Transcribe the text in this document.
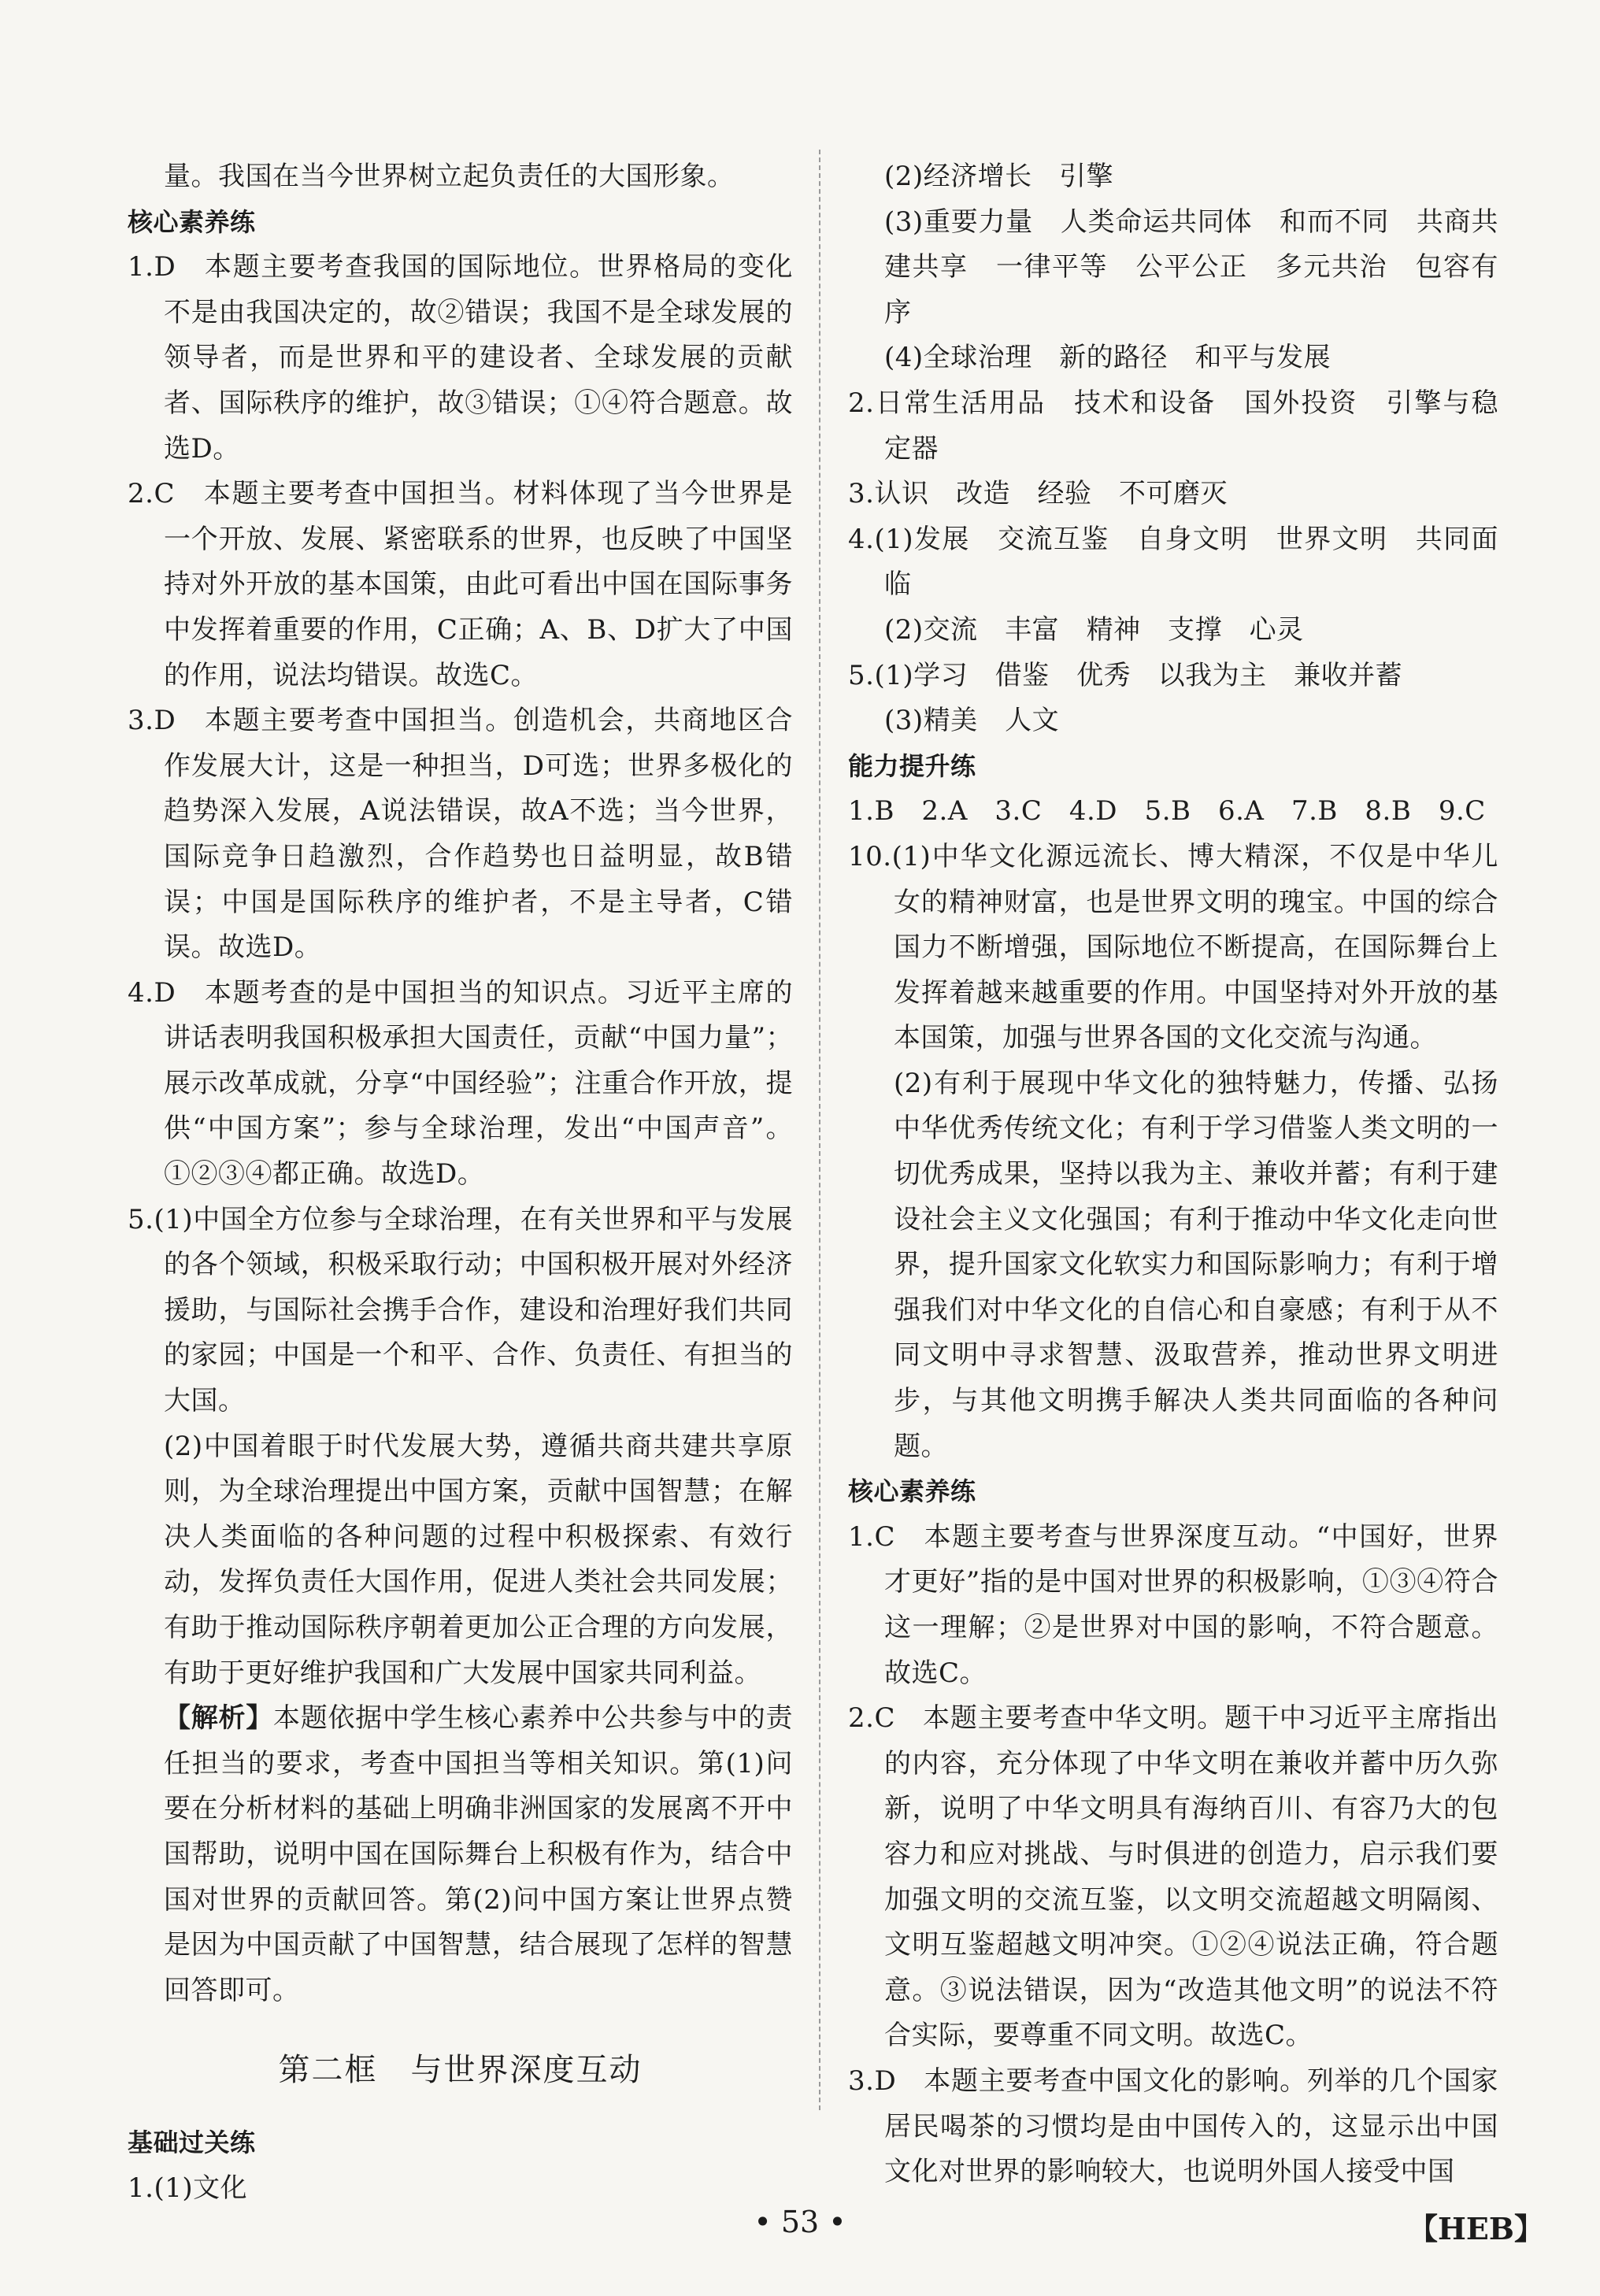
量。我国在当今世界树立起负责任的大国形象。

核心素养练

1.D　本题主要考查我国的国际地位。世界格局的变化不是由我国决定的，故②错误；我国不是全球发展的领导者，而是世界和平的建设者、全球发展的贡献者、国际秩序的维护，故③错误；①④符合题意。故选D。

2.C　本题主要考查中国担当。材料体现了当今世界是一个开放、发展、紧密联系的世界，也反映了中国坚持对外开放的基本国策，由此可看出中国在国际事务中发挥着重要的作用，C正确；A、B、D扩大了中国的作用，说法均错误。故选C。

3.D　本题主要考查中国担当。创造机会，共商地区合作发展大计，这是一种担当，D可选；世界多极化的趋势深入发展，A说法错误，故A不选；当今世界，国际竞争日趋激烈，合作趋势也日益明显，故B错误；中国是国际秩序的维护者，不是主导者，C错误。故选D。

4.D　本题考查的是中国担当的知识点。习近平主席的讲话表明我国积极承担大国责任，贡献“中国力量”；展示改革成就，分享“中国经验”；注重合作开放，提供“中国方案”；参与全球治理，发出“中国声音”。①②③④都正确。故选D。

5.(1)中国全方位参与全球治理，在有关世界和平与发展的各个领域，积极采取行动；中国积极开展对外经济援助，与国际社会携手合作，建设和治理好我们共同的家园；中国是一个和平、合作、负责任、有担当的大国。

(2)中国着眼于时代发展大势，遵循共商共建共享原则，为全球治理提出中国方案，贡献中国智慧；在解决人类面临的各种问题的过程中积极探索、有效行动，发挥负责任大国作用，促进人类社会共同发展；有助于推动国际秩序朝着更加公正合理的方向发展，有助于更好维护我国和广大发展中国家共同利益。

【解析】本题依据中学生核心素养中公共参与中的责任担当的要求，考查中国担当等相关知识。第(1)问要在分析材料的基础上明确非洲国家的发展离不开中国帮助，说明中国在国际舞台上积极有作为，结合中国对世界的贡献回答。第(2)问中国方案让世界点赞是因为中国贡献了中国智慧，结合展现了怎样的智慧回答即可。

第二框　与世界深度互动

基础过关练

1.(1)文化

(2)经济增长　引擎

(3)重要力量　人类命运共同体　和而不同　共商共建共享　一律平等　公平公正　多元共治　包容有序

(4)全球治理　新的路径　和平与发展

2.日常生活用品　技术和设备　国外投资　引擎与稳定器

3.认识　改造　经验　不可磨灭

4.(1)发展　交流互鉴　自身文明　世界文明　共同面临

(2)交流　丰富　精神　支撑　心灵

5.(1)学习　借鉴　优秀　以我为主　兼收并蓄

(3)精美　人文

能力提升练

1.B　2.A　3.C　4.D　5.B　6.A　7.B　8.B　9.C

10.(1)中华文化源远流长、博大精深，不仅是中华儿女的精神财富，也是世界文明的瑰宝。中国的综合国力不断增强，国际地位不断提高，在国际舞台上发挥着越来越重要的作用。中国坚持对外开放的基本国策，加强与世界各国的文化交流与沟通。

(2)有利于展现中华文化的独特魅力，传播、弘扬中华优秀传统文化；有利于学习借鉴人类文明的一切优秀成果，坚持以我为主、兼收并蓄；有利于建设社会主义文化强国；有利于推动中华文化走向世界，提升国家文化软实力和国际影响力；有利于增强我们对中华文化的自信心和自豪感；有利于从不同文明中寻求智慧、汲取营养，推动世界文明进步，与其他文明携手解决人类共同面临的各种问题。

核心素养练

1.C　本题主要考查与世界深度互动。“中国好，世界才更好”指的是中国对世界的积极影响，①③④符合这一理解；②是世界对中国的影响，不符合题意。故选C。

2.C　本题主要考查中华文明。题干中习近平主席指出的内容，充分体现了中华文明在兼收并蓄中历久弥新，说明了中华文明具有海纳百川、有容乃大的包容力和应对挑战、与时俱进的创造力，启示我们要加强文明的交流互鉴，以文明交流超越文明隔阂、文明互鉴超越文明冲突。①②④说法正确，符合题意。③说法错误，因为“改造其他文明”的说法不符合实际，要尊重不同文明。故选C。

3.D　本题主要考查中国文化的影响。列举的几个国家居民喝茶的习惯均是由中国传入的，这显示出中国文化对世界的影响较大，也说明外国人接受中国

• 53 •	【HEB】
